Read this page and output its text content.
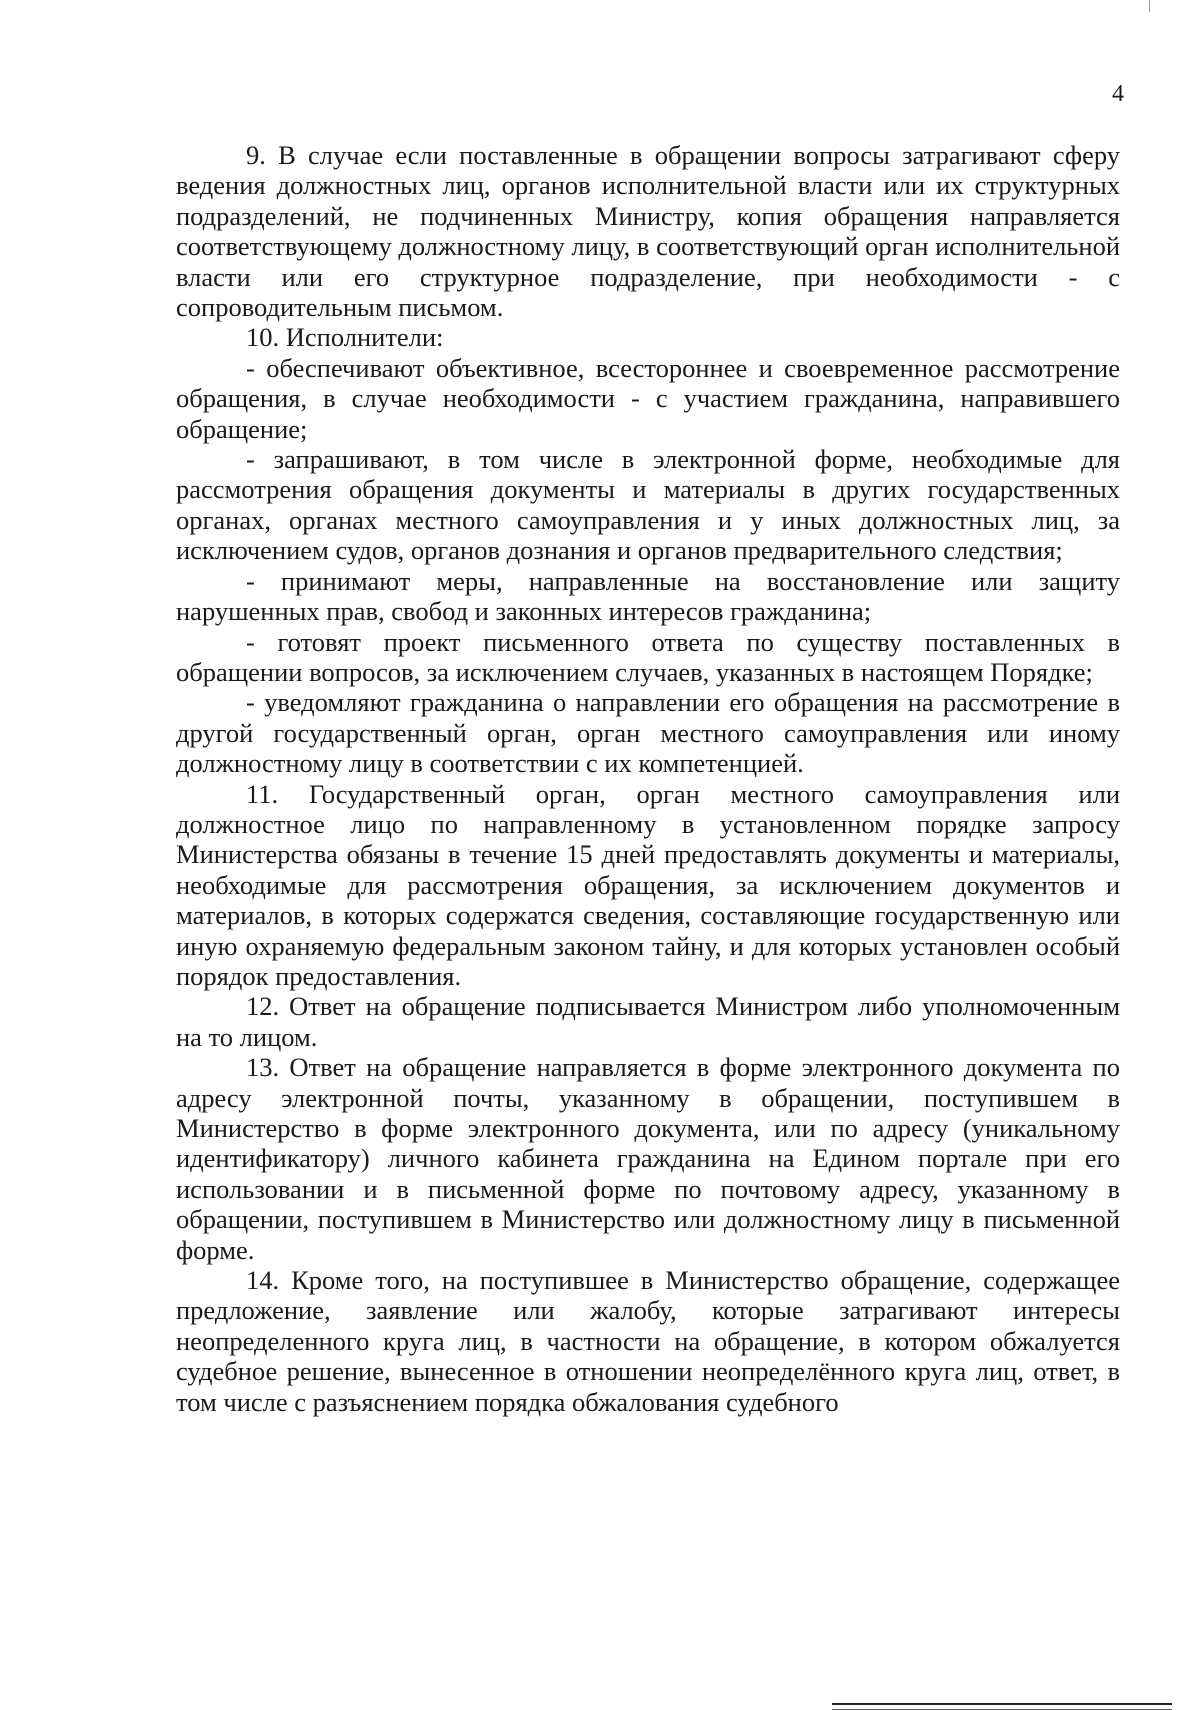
4

9. В случае если поставленные в обращении вопросы затрагивают сферу ведения должностных лиц, органов исполнительной власти или их структурных подразделений, не подчиненных Министру, копия обращения направляется соответствующему должностному лицу, в соответствующий орган исполнительной власти или его структурное подразделение, при необходимости - с сопроводительным письмом.

10. Исполнители:

- обеспечивают объективное, всестороннее и своевременное рассмотрение обращения, в случае необходимости - с участием гражданина, направившего обращение;

- запрашивают, в том числе в электронной форме, необходимые для рассмотрения обращения документы и материалы в других государственных органах, органах местного самоуправления и у иных должностных лиц, за исключением судов, органов дознания и органов предварительного следствия;

- принимают меры, направленные на восстановление или защиту нарушенных прав, свобод и законных интересов гражданина;

- готовят проект письменного ответа по существу поставленных в обращении вопросов, за исключением случаев, указанных в настоящем Порядке;

- уведомляют гражданина о направлении его обращения на рассмотрение в другой государственный орган, орган местного самоуправления или иному должностному лицу в соответствии с их компетенцией.

11. Государственный орган, орган местного самоуправления или должностное лицо по направленному в установленном порядке запросу Министерства обязаны в течение 15 дней предоставлять документы и материалы, необходимые для рассмотрения обращения, за исключением документов и материалов, в которых содержатся сведения, составляющие государственную или иную охраняемую федеральным законом тайну, и для которых установлен особый порядок предоставления.

12. Ответ на обращение подписывается Министром либо уполномоченным на то лицом.

13. Ответ на обращение направляется в форме электронного документа по адресу электронной почты, указанному в обращении, поступившем в Министерство в форме электронного документа, или по адресу (уникальному идентификатору) личного кабинета гражданина на Едином портале при его использовании и в письменной форме по почтовому адресу, указанному в обращении, поступившем в Министерство или должностному лицу в письменной форме.

14. Кроме того, на поступившее в Министерство обращение, содержащее предложение, заявление или жалобу, которые затрагивают интересы неопределенного круга лиц, в частности на обращение, в котором обжалуется судебное решение, вынесенное в отношении неопределённого круга лиц, ответ, в том числе с разъяснением порядка обжалования судебного
